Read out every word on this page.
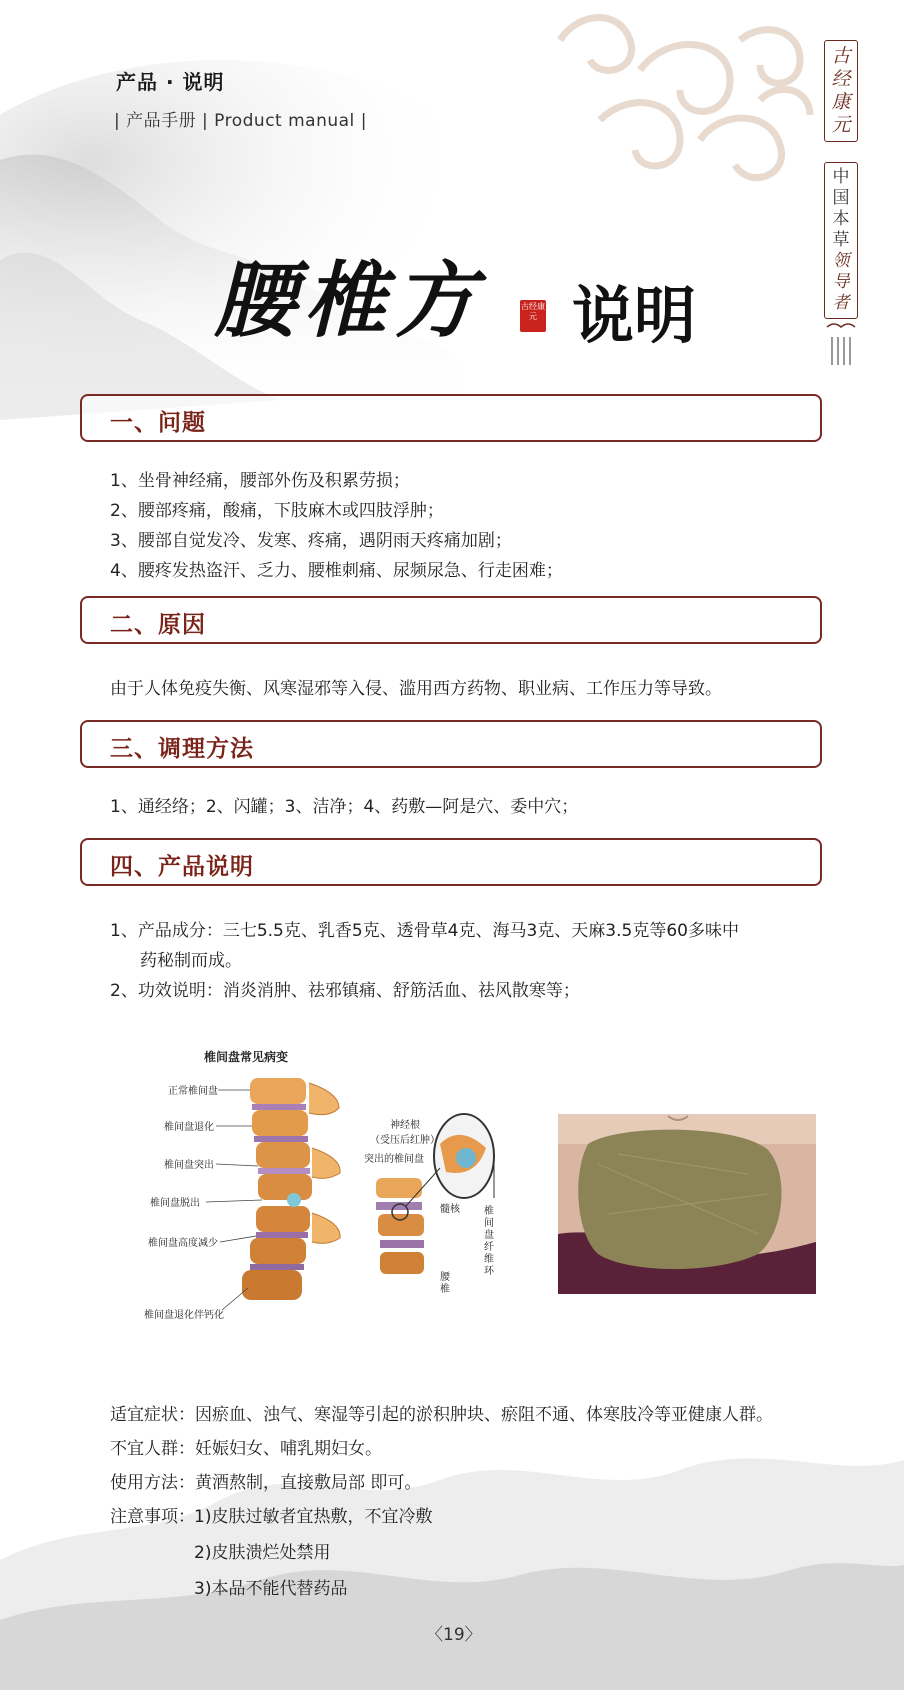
产品 · 说明
| 产品手册 | Product manual |
古
经
康
元
中
国
本
草
领
导
者
腰椎方	古经康元 说明
一、问题
1、坐骨神经痛，腰部外伤及积累劳损；
2、腰部疼痛，酸痛，下肢麻木或四肢浮肿；
3、腰部自觉发冷、发寒、疼痛，遇阴雨天疼痛加剧；
4、腰疼发热盗汗、乏力、腰椎刺痛、尿频尿急、行走困难；
二、原因
由于人体免疫失衡、风寒湿邪等入侵、滥用西方药物、职业病、工作压力等导致。
三、调理方法
1、通经络；2、闪罐；3、洁净；4、药敷—阿是穴、委中穴；
四、产品说明
1、产品成分：三七5.5克、乳香5克、透骨草4克、海马3克、天麻3.5克等60多味中
药秘制而成。
2、功效说明：消炎消肿、祛邪镇痛、舒筋活血、祛风散寒等；
椎间盘常见病变
正常椎间盘
椎间盘退化
椎间盘突出
椎间盘脱出
椎间盘高度减少
椎间盘退化伴钙化
神经根
（受压后红肿）
突出的椎间盘
髓核 椎间盘纤维环
腰椎
适宜症状：因瘀血、浊气、寒湿等引起的淤积肿块、瘀阻不通、体寒肢冷等亚健康人群。
不宜人群：妊娠妇女、哺乳期妇女。
使用方法：黄酒熬制，直接敷局部 即可。
注意事项： 1)皮肤过敏者宜热敷，不宜冷敷
2)皮肤溃烂处禁用
3)本品不能代替药品
〈19〉
